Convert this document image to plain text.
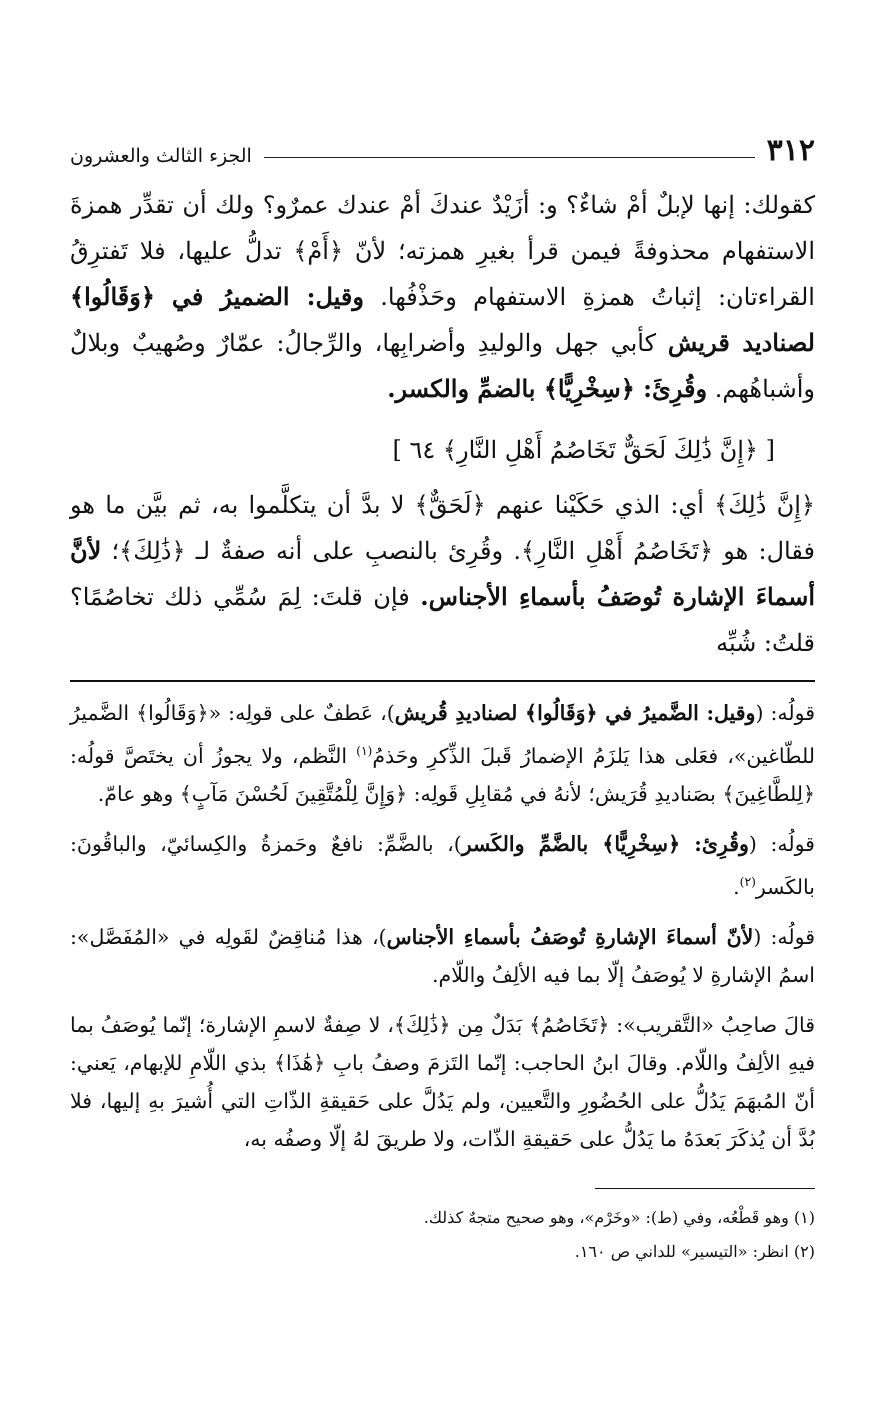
٣١٢
الجزء الثالث والعشرون

كقولك: إنها لإبلٌ أمْ شاءٌ؟ و: أزَيْدٌ عندكَ أمْ عندك عمرٌو؟ ولك أن تقدِّر همزةَ الاستفهام محذوفةً فيمن قرأ بغيرِ همزته؛ لأنّ ﴿أَمْ﴾ تدلُّ عليها، فلا تَفترِقُ القراءتان: إثباتُ همزةِ الاستفهام وحَذْفُها. وقيل: الضميرُ في ﴿وَقَالُوا﴾ لصناديد قريش كأبي جهل والوليدِ وأضرابِها، والرِّجالُ: عمّارٌ وصُهيبٌ وبلالٌ وأشباهُهم. وقُرِئَ: ﴿سِخْرِيًّا﴾ بالضمِّ والكسر.

[ ﴿إِنَّ ذَٰلِكَ لَحَقٌّ تَخَاصُمُ أَهْلِ النَّارِ﴾ ٦٤ ]

﴿إِنَّ ذَٰلِكَ﴾ أي: الذي حَكَيْنا عنهم ﴿لَحَقٌّ﴾ لا بدَّ أن يتكلَّموا به، ثم بيَّن ما هو فقال: هو ﴿تَخَاصُمُ أَهْلِ النَّارِ﴾. وقُرِئ بالنصبِ على أنه صفةٌ لـ ﴿ذَٰلِكَ﴾؛ لأنَّ أسماءَ الإشارة تُوصَفُ بأسماءِ الأجناس. فإن قلتَ: لِمَ سُمِّي ذلك تخاصُمًا؟ قلتُ: شُبِّه

قولُه: (وقيل: الضَّميرُ في ﴿وَقَالُوا﴾ لصناديدِ قُريش)، عَطفٌ على قولِه: «﴿وَقَالُوا﴾ الضَّميرُ للطّاغين»، فعَلى هذا يَلزَمُ الإضمارُ قَبلَ الذِّكرِ وحَذمُ$^{(١)}$ النَّظم، ولا يجوزُ أن يختَصَّ قولُه: ﴿لِلطَّاغِينَ﴾ بصَناديدِ قُرَيش؛ لأنهُ في مُقابِلِ قَولِه: ﴿وَإِنَّ لِلْمُتَّقِينَ لَحُسْنَ مَآبٍ﴾ وهو عامّ.

قولُه: (وقُرِئ: ﴿سِخْرِيًّا﴾ بالضَّمِّ والكَسر)، بالضَّمِّ: نافعٌ وحَمزةُ والكِسائيّ، والباقُونَ: بالكَسر$^{(٢)}$.

قولُه: (لأنّ أسماءَ الإشارةِ تُوصَفُ بأسماءِ الأجناس)، هذا مُناقِضٌ لقَولِه في «المُفَصَّل»: اسمُ الإشارةِ لا يُوصَفُ إلّا بما فيه الألِفُ واللّام.

قالَ صاحِبُ «التَّقريب»: ﴿تَخَاصُمُ﴾ بَدَلٌ مِن ﴿ذَٰلِكَ﴾، لا صِفةٌ لاسمِ الإشارة؛ إنّما يُوصَفُ بما فيهِ الألِفُ واللّام. وقالَ ابنُ الحاجب: إنّما التَزمَ وصفُ بابِ ﴿هَٰذَا﴾ بذي اللّامِ للإبهام، يَعني: أنّ المُبهَمَ يَدُلُّ على الحُضُورِ والتَّعيين، ولم يَدُلَّ على حَقيقةِ الذّاتِ التي أُشيرَ بهِ إليها، فلا بُدَّ أن يُذكَرَ بَعدَهُ ما يَدُلُّ على حَقيقةِ الذّات، ولا طريقَ لهُ إلّا وصفُه به،

(١) وهو قَطْعُه، وفي (ط): «وخَرْم»، وهو صحيح متجهٌ كذلك.

(٢) انظر: «التيسير» للداني ص ١٦٠.
